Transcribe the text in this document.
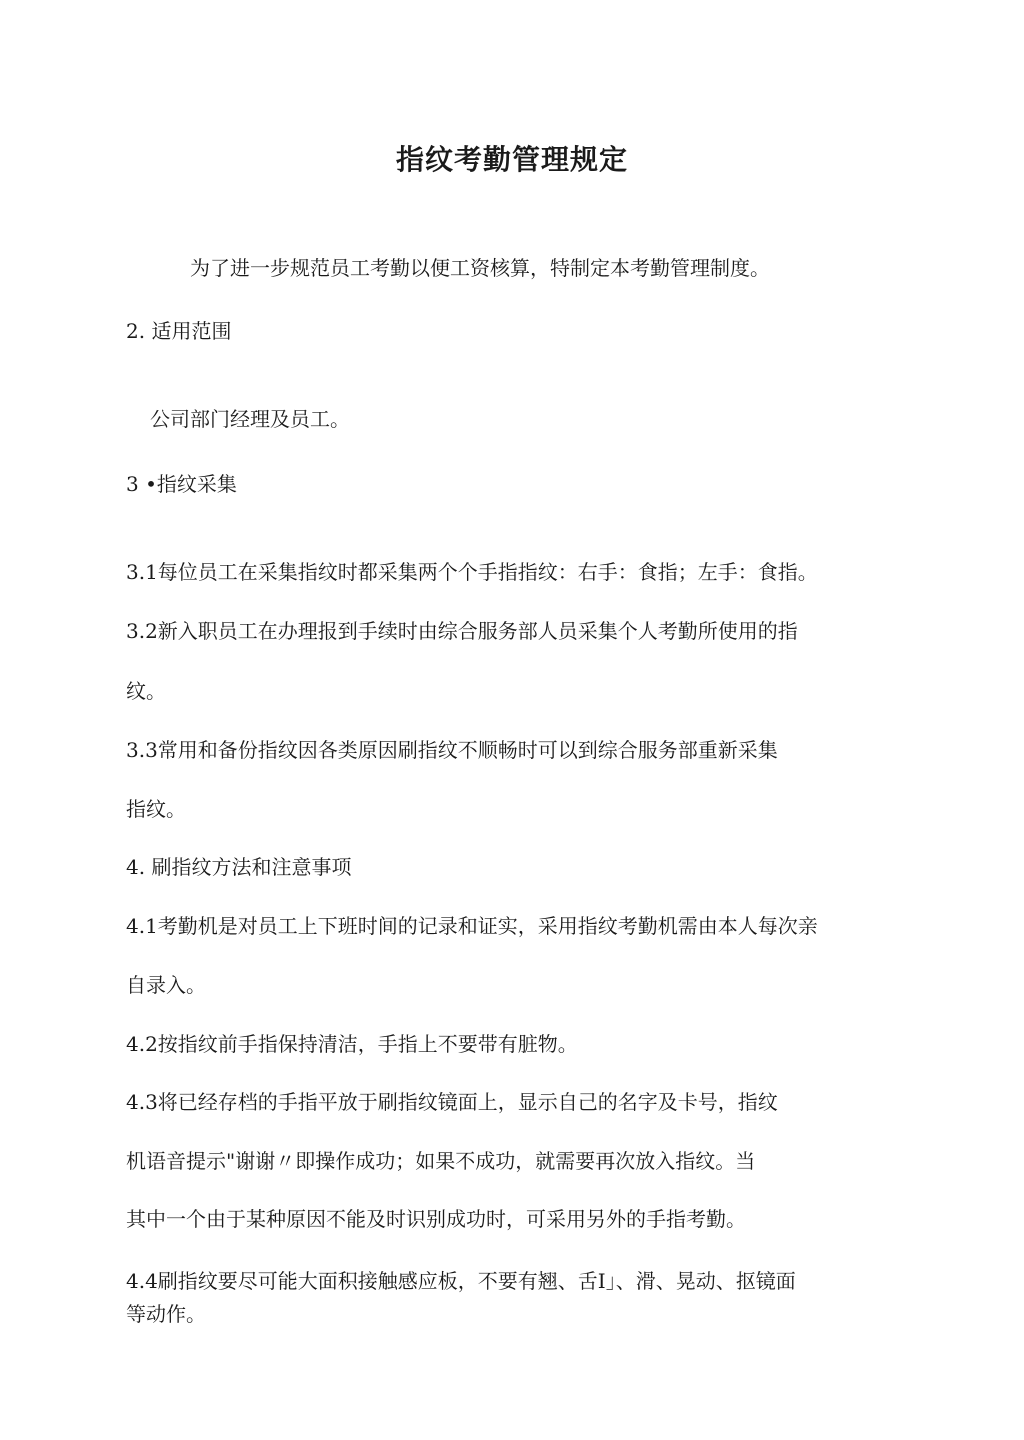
指纹考勤管理规定
为了进一步规范员工考勤以便工资核算，特制定本考勤管理制度。
2. 适用范围
公司部门经理及员工。
3 •指纹采集
3.1每位员工在采集指纹时都采集两个个手指指纹：右手：食指；左手：食指。
3.2新入职员工在办理报到手续时由综合服务部人员采集个人考勤所使用的指
纹。
3.3常用和备份指纹因各类原因刷指纹不顺畅时可以到综合服务部重新采集
指纹。
4. 刷指纹方法和注意事项
4.1考勤机是对员工上下班时间的记录和证实，采用指纹考勤机需由本人每次亲
自录入。
4.2按指纹前手指保持清洁，手指上不要带有脏物。
4.3将已经存档的手指平放于刷指纹镜面上，显示自己的名字及卡号，指纹
机语音提示"谢谢〃即操作成功；如果不成功，就需要再次放入指纹。当
其中一个由于某种原因不能及时识别成功时，可采用另外的手指考勤。
4.4刷指纹要尽可能大面积接触感应板，不要有翘、舌I」、滑、晃动、抠镜面
等动作。
